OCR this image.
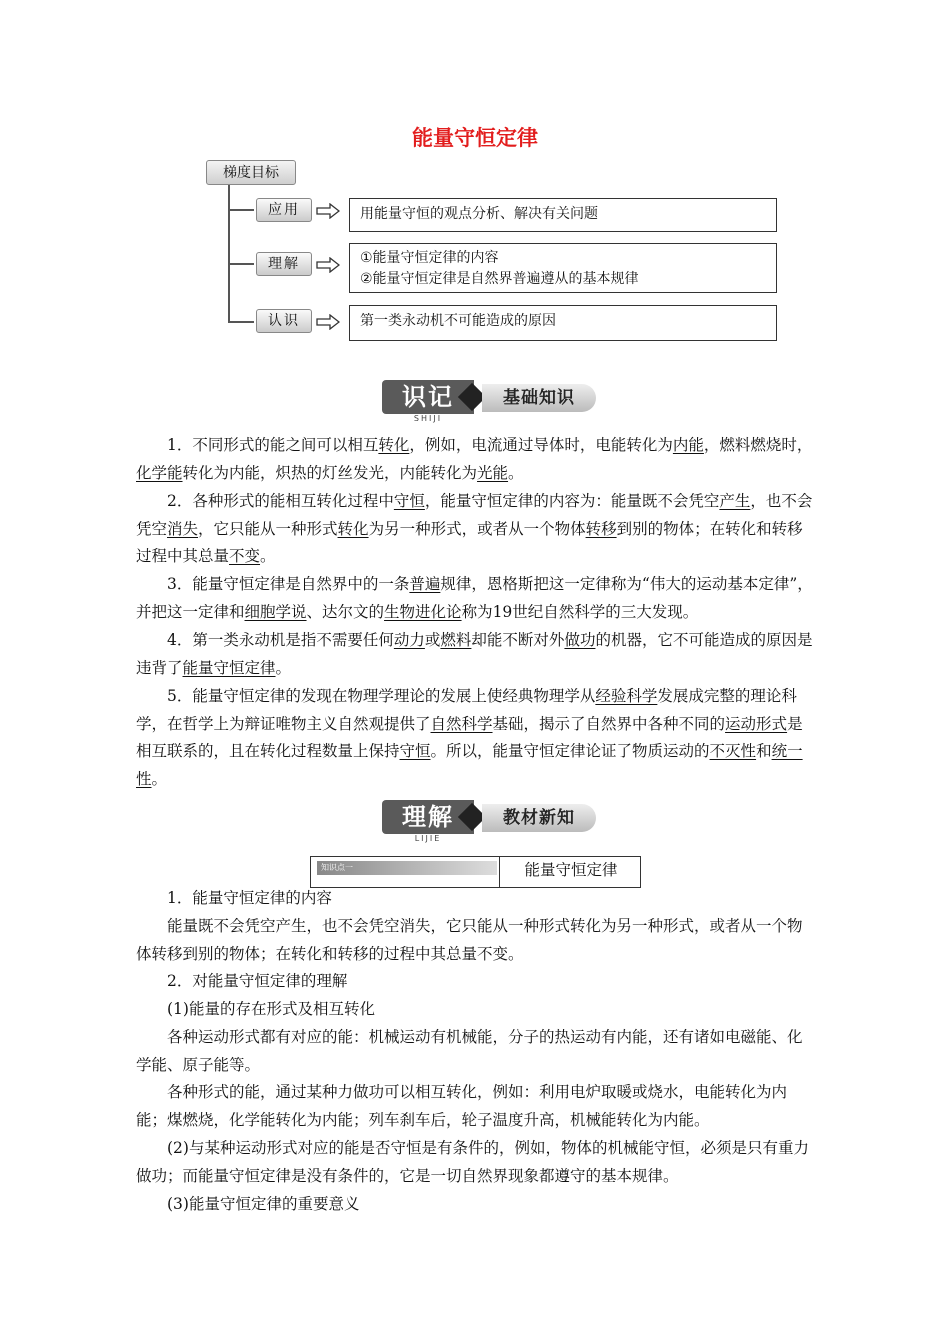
能量守恒定律
梯度目标
应用	用能量守恒的观点分析、解决有关问题
理解	①能量守恒定律的内容
②能量守恒定律是自然界普遍遵从的基本规律
认识	第一类永动机不可能造成的原因
识记	基础知识
SHIJI

1．不同形式的能之间可以相互转化，例如，电流通过导体时，电能转化为内能，燃料燃烧时，化学能转化为内能，炽热的灯丝发光，内能转化为光能。

2．各种形式的能相互转化过程中守恒，能量守恒定律的内容为：能量既不会凭空产生，也不会凭空消失，它只能从一种形式转化为另一种形式，或者从一个物体转移到别的物体；在转化和转移过程中其总量不变。

3．能量守恒定律是自然界中的一条普遍规律，恩格斯把这一定律称为“伟大的运动基本定律”，并把这一定律和细胞学说、达尔文的生物进化论称为19世纪自然科学的三大发现。

4．第一类永动机是指不需要任何动力或燃料却能不断对外做功的机器，它不可能造成的原因是违背了能量守恒定律。

5．能量守恒定律的发现在物理学理论的发展上使经典物理学从经验科学发展成完整的理论科学，在哲学上为辩证唯物主义自然观提供了自然科学基础，揭示了自然界中各种不同的运动形式是相互联系的，且在转化过程数量上保持守恒。所以，能量守恒定律论证了物质运动的不灭性和统一性。

理解	教材新知
LIJIE
知识点一	能量守恒定律

1．能量守恒定律的内容

能量既不会凭空产生，也不会凭空消失，它只能从一种形式转化为另一种形式，或者从一个物体转移到别的物体；在转化和转移的过程中其总量不变。

2．对能量守恒定律的理解

(1)能量的存在形式及相互转化

各种运动形式都有对应的能：机械运动有机械能，分子的热运动有内能，还有诸如电磁能、化学能、原子能等。

各种形式的能，通过某种力做功可以相互转化，例如：利用电炉取暖或烧水，电能转化为内能；煤燃烧，化学能转化为内能；列车刹车后，轮子温度升高，机械能转化为内能。

(2)与某种运动形式对应的能是否守恒是有条件的，例如，物体的机械能守恒，必须是只有重力做功；而能量守恒定律是没有条件的，它是一切自然界现象都遵守的基本规律。

(3)能量守恒定律的重要意义
